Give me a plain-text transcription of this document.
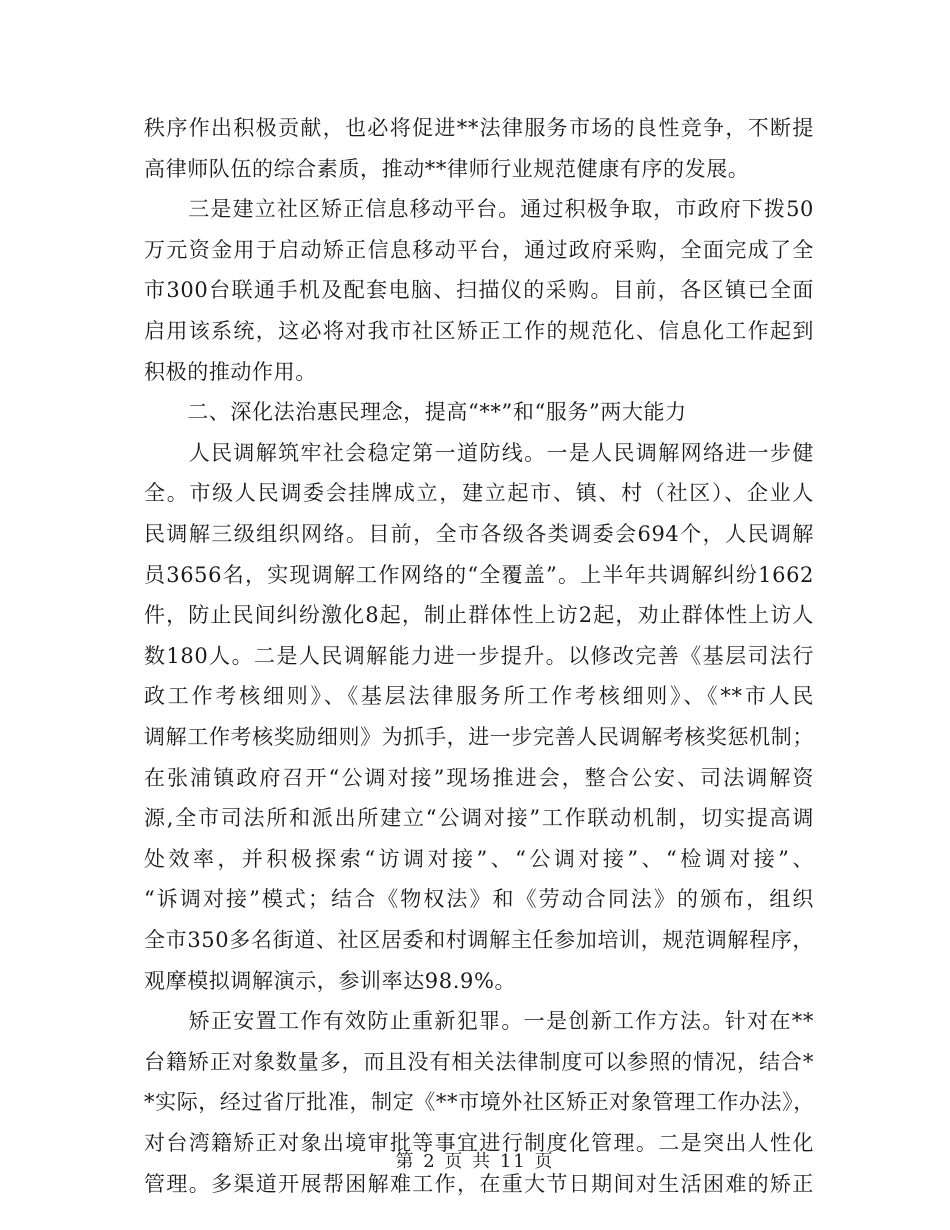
秩序作出积极贡献，也必将促进**法律服务市场的良性竞争，不断提
高律师队伍的综合素质，推动**律师行业规范健康有序的发展。
　　三是建立社区矫正信息移动平台。通过积极争取，市政府下拨50
万元资金用于启动矫正信息移动平台，通过政府采购，全面完成了全
市300台联通手机及配套电脑、扫描仪的采购。目前，各区镇已全面
启用该系统，这必将对我市社区矫正工作的规范化、信息化工作起到
积极的推动作用。
　　二、深化法治惠民理念，提高“**”和“服务”两大能力
　　人民调解筑牢社会稳定第一道防线。一是人民调解网络进一步健
全。市级人民调委会挂牌成立，建立起市、镇、村（社区）、企业人
民调解三级组织网络。目前，全市各级各类调委会694个，人民调解
员3656名，实现调解工作网络的“全覆盖”。上半年共调解纠纷1662
件，防止民间纠纷激化8起，制止群体性上访2起，劝止群体性上访人
数180人。二是人民调解能力进一步提升。以修改完善《基层司法行
政工作考核细则》、《基层法律服务所工作考核细则》、《**市人民
调解工作考核奖励细则》为抓手，进一步完善人民调解考核奖惩机制；
在张浦镇政府召开“公调对接”现场推进会，整合公安、司法调解资
源,全市司法所和派出所建立“公调对接”工作联动机制，切实提高调
处效率，并积极探索“访调对接”、“公调对接”、“检调对接”、
“诉调对接”模式；结合《物权法》和《劳动合同法》的颁布，组织
全市350多名街道、社区居委和村调解主任参加培训，规范调解程序，
观摩模拟调解演示，参训率达98.9%。
　　矫正安置工作有效防止重新犯罪。一是创新工作方法。针对在**
台籍矫正对象数量多，而且没有相关法律制度可以参照的情况，结合*
*实际，经过省厅批准，制定《**市境外社区矫正对象管理工作办法》，
对台湾籍矫正对象出境审批等事宜进行制度化管理。二是突出人性化
管理。多渠道开展帮困解难工作，在重大节日期间对生活困难的矫正
第 2 页 共 11 页
